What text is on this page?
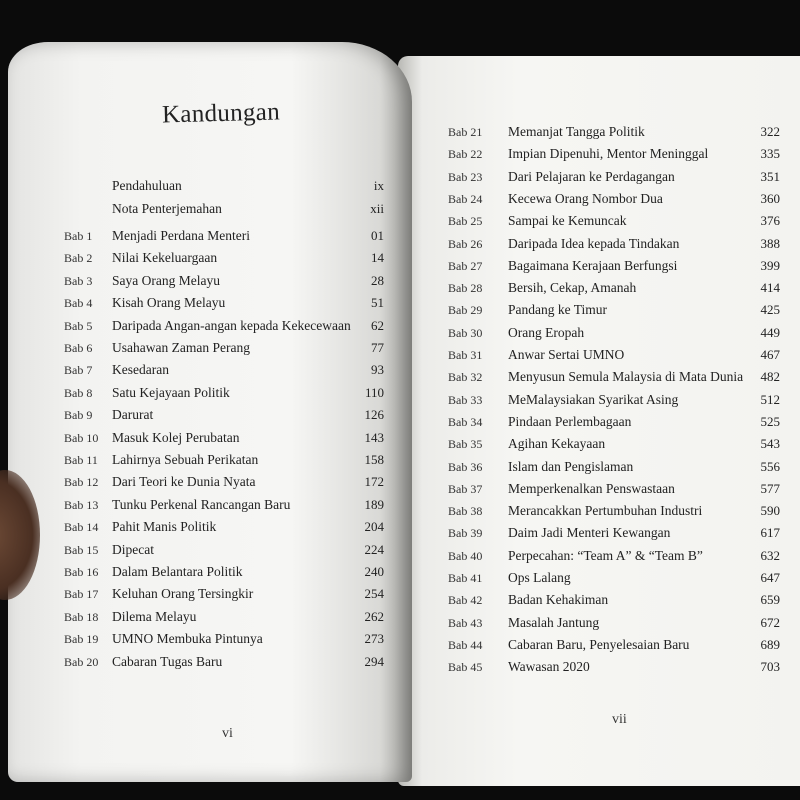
Kandungan
Pendahuluan	ix
Nota Penterjemahan	xii
Bab 1 Menjadi Perdana Menteri	01
Bab 2 Nilai Kekeluargaan	14
Bab 3 Saya Orang Melayu	28
Bab 4 Kisah Orang Melayu	51
Bab 5 Daripada Angan-angan kepada Kekecewaan	62
Bab 6 Usahawan Zaman Perang	77
Bab 7 Kesedaran	93
Bab 8 Satu Kejayaan Politik	110
Bab 9 Darurat	126
Bab 10 Masuk Kolej Perubatan	143
Bab 11 Lahirnya Sebuah Perikatan	158
Bab 12 Dari Teori ke Dunia Nyata	172
Bab 13 Tunku Perkenal Rancangan Baru	189
Bab 14 Pahit Manis Politik	204
Bab 15 Dipecat	224
Bab 16 Dalam Belantara Politik	240
Bab 17 Keluhan Orang Tersingkir	254
Bab 18 Dilema Melayu	262
Bab 19 UMNO Membuka Pintunya	273
Bab 20 Cabaran Tugas Baru	294
Bab 21 Memanjat Tangga Politik	322
Bab 22 Impian Dipenuhi, Mentor Meninggal	335
Bab 23 Dari Pelajaran ke Perdagangan	351
Bab 24 Kecewa Orang Nombor Dua	360
Bab 25 Sampai ke Kemuncak	376
Bab 26 Daripada Idea kepada Tindakan	388
Bab 27 Bagaimana Kerajaan Berfungsi	399
Bab 28 Bersih, Cekap, Amanah	414
Bab 29 Pandang ke Timur	425
Bab 30 Orang Eropah	449
Bab 31 Anwar Sertai UMNO	467
Bab 32 Menyusun Semula Malaysia di Mata Dunia	482
Bab 33 MeMalaysiakan Syarikat Asing	512
Bab 34 Pindaan Perlembagaan	525
Bab 35 Agihan Kekayaan	543
Bab 36 Islam dan Pengislaman	556
Bab 37 Memperkenalkan Penswastaan	577
Bab 38 Merancakkan Pertumbuhan Industri	590
Bab 39 Daim Jadi Menteri Kewangan	617
Bab 40 Perpecahan: “Team A” & “Team B”	632
Bab 41 Ops Lalang	647
Bab 42 Badan Kehakiman	659
Bab 43 Masalah Jantung	672
Bab 44 Cabaran Baru, Penyelesaian Baru	689
Bab 45 Wawasan 2020	703
vi
vii
